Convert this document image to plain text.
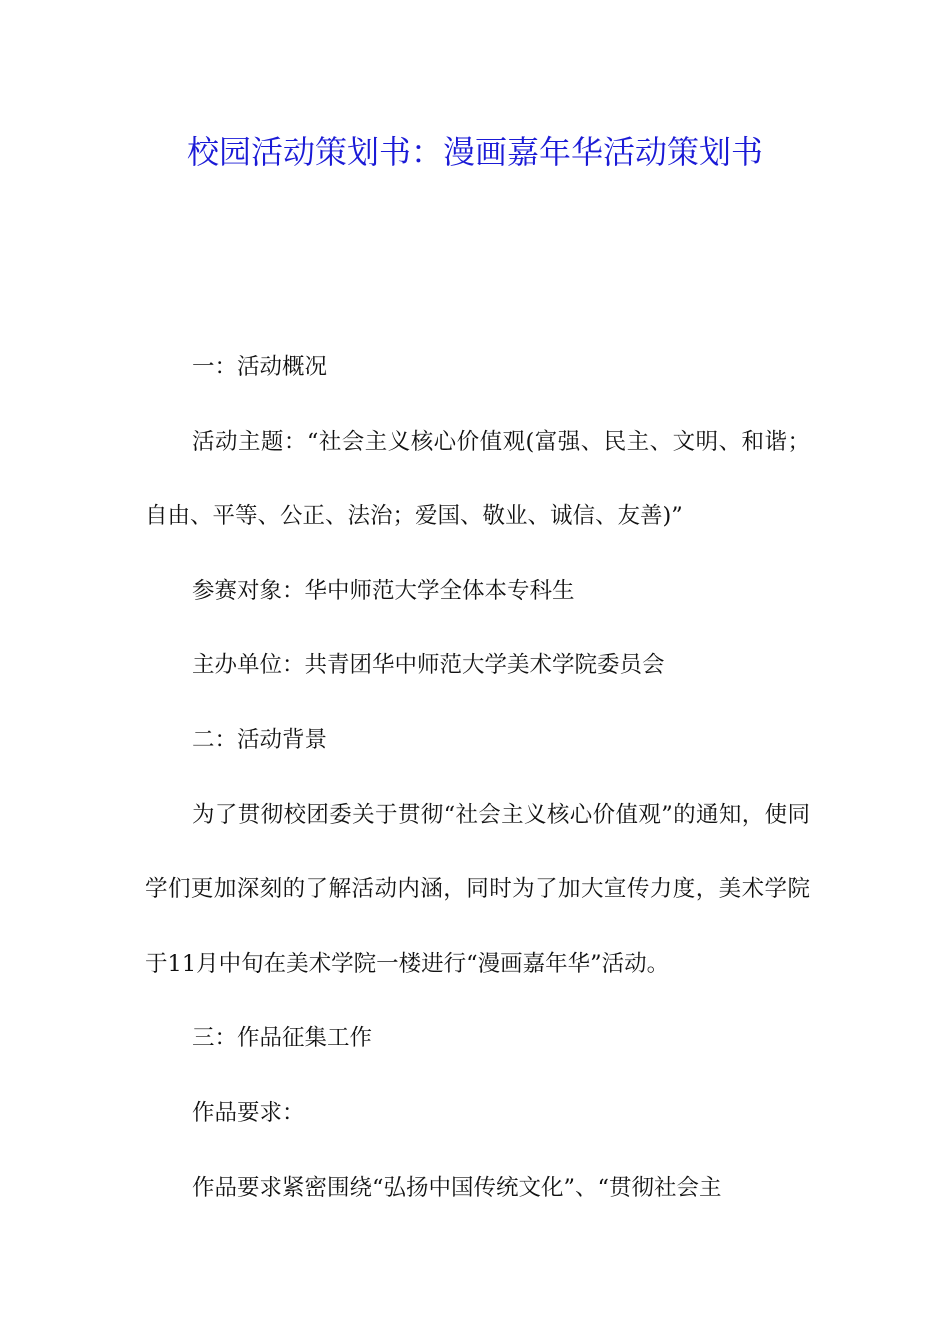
校园活动策划书：漫画嘉年华活动策划书

一：活动概况

活动主题：“社会主义核心价值观(富强、民主、文明、和谐；自由、平等、公正、法治；爱国、敬业、诚信、友善)”

参赛对象：华中师范大学全体本专科生

主办单位：共青团华中师范大学美术学院委员会

二：活动背景

为了贯彻校团委关于贯彻“社会主义核心价值观”的通知，使同学们更加深刻的了解活动内涵，同时为了加大宣传力度，美术学院于11月中旬在美术学院一楼进行“漫画嘉年华”活动。

三：作品征集工作

作品要求：

作品要求紧密围绕“弘扬中国传统文化”、“贯彻社会主
